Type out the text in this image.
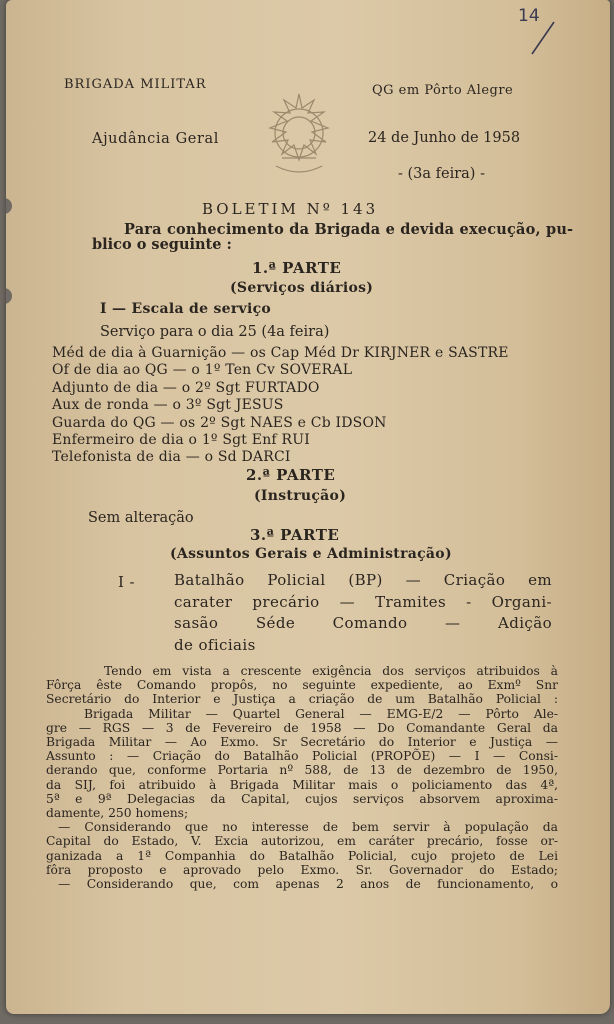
14
BRIGADA MILITAR	QG em Pôrto Alegre
Ajudância Geral	24 de Junho de 1958
- (3a feira) -
BOLETIM Nº 143
Para conhecimento da Brigada e devida execução, pu-
blico o seguinte :
1.ª PARTE
(Serviços diários)
I — Escala de serviço
Serviço para o dia 25 (4a feira)
Méd de dia à Guarnição — os Cap Méd Dr KIRJNER e SASTRE
Of de dia ao QG — o 1º Ten Cv SOVERAL
Adjunto de dia — o 2º Sgt FURTADO
Aux de ronda — o 3º Sgt JESUS
Guarda do QG — os 2º Sgt NAES e Cb IDSON
Enfermeiro de dia o 1º Sgt Enf RUI
Telefonista de dia — o Sd DARCI
2.ª PARTE
(Instrução)
Sem alteração
3.ª PARTE
(Assuntos Gerais e Administração)
I -	Batalhão Policial (BP) — Criação em
carater precário — Tramites - Organi-
sasão Séde Comando — Adição
de oficiais
Tendo em vista a crescente exigência dos serviços atribuidos à
Fôrça êste Comando propôs, no seguinte expediente, ao Exmº Snr
Secretário do Interior e Justiça a criação de um Batalhão Policial :
Brigada Militar — Quartel General — EMG-E/2 — Pôrto Ale-
gre — RGS — 3 de Fevereiro de 1958 — Do Comandante Geral da
Brigada Militar — Ao Exmo. Sr Secretário do Interior e Justiça —
Assunto : — Criação do Batalhão Policial (PROPÕE) — I — Consi-
derando que, conforme Portaria nº 588, de 13 de dezembro de 1950,
da SIJ, foi atribuido à Brigada Militar mais o policiamento das 4ª,
5ª e 9ª Delegacias da Capital, cujos serviços absorvem aproxima-
damente, 250 homens;
— Considerando que no interesse de bem servir à população da
Capital do Estado, V. Excia autorizou, em caráter precário, fosse or-
ganizada a 1ª Companhia do Batalhão Policial, cujo projeto de Lei
fôra proposto e aprovado pelo Exmo. Sr. Governador do Estado;
— Considerando que, com apenas 2 anos de funcionamento, o
